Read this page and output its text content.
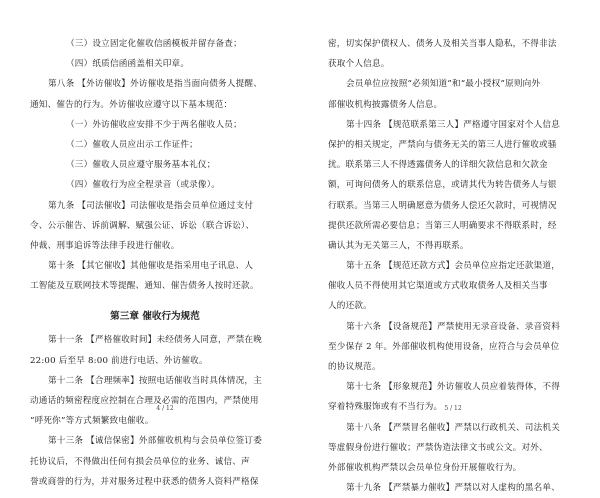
（三）设立固定化催收信函模板并留存备查；
（四）纸质信函函盖相关印章。
第八条 【外访催收】外访催收是指当面向债务人提醒、
通知、催告的行为。外访催收应遵守以下基本规范：
（一）外访催收应安排不少于两名催收人员；
（二）催收人员应出示工作证件；
（三）催收人员应遵守服务基本礼仪；
（四）催收行为应全程录音（或录像）。
第九条 【司法催收】司法催收是指会员单位通过支付
令、公示催告、诉前调解、赋强公证、诉讼（联合诉讼）、
仲裁、刑事追诉等法律手段进行催收。
第十条 【其它催收】其他催收是指采用电子讯息、人
工智能及互联网技术等提醒、通知、催告债务人按时还款。
第三章 催收行为规范
第十一条 【严格催收时间】未经债务人同意，严禁在晚
22:00 后至早 8:00 前进行电话、外访催收。
第十二条 【合理频率】按照电话催收当时具体情况，主
动通话的频密程度应控制在合理及必需的范围内，严禁使用
“呼死你”等方式频繁致电催收。
第十三条 【诚信保密】外部催收机构与会员单位签订委
托协议后，不得做出任何有损会员单位的业务、诚信、声
誉或商誉的行为，并对服务过程中获悉的债务人资料严格保
4 / 12
密，切实保护债权人、债务人及相关当事人隐私，不得非法
获取个人信息。
会员单位应按照“必须知道”和“最小授权”原则向外
部催收机构披露债务人信息。
第十四条 【规范联系第三人】严格遵守国家对个人信息
保护的相关规定，严禁向与债务无关的第三人进行催收或骚
扰。联系第三人不得透露债务人的详细欠款信息和欠款金
额，可询问债务人的联系信息，或请其代为转告债务人与银
行联系。当第三人明确愿意为债务人偿还欠款时，可视情况
提供还款所需必要信息；当第三人明确要求不得联系时，经
确认其为无关第三人，不得再联系。
第十五条 【规范还款方式】会员单位应指定还款渠道，
催收人员不得使用其它渠道或方式收取债务人及相关当事
人的还款。
第十六条 【设备规范】严禁使用无录音设备、录音资料
至少保存 2 年。外部催收机构使用设备，应符合与会员单位
的协议规范。
第十七条 【形象规范】外访催收人员应着装得体，不得
穿着特殊服饰或有不当行为。
第十八条 【严禁冒名催收】严禁以行政机关、司法机关
等虚假身份进行催收；严禁伪造法律文书或公文。对外、
外部催收机构严禁以会员单位身份开展催收行为。
第十九条 【严禁暴力催收】严禁以对人虚构的黑名单、
5 / 12
